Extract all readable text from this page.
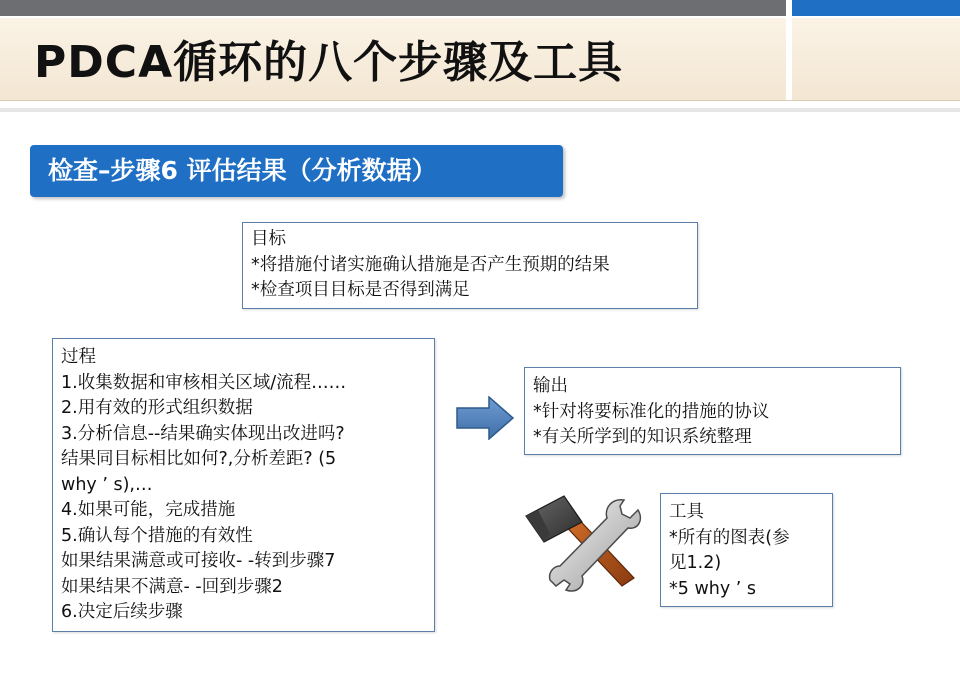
PDCA循环的八个步骤及工具
检查–步骤6 评估结果（分析数据）
目标
*将措施付诸实施确认措施是否产生预期的结果
*检查项目目标是否得到满足
过程
1.收集数据和审核相关区域/流程……
2.用有效的形式组织数据
3.分析信息--结果确实体现出改进吗?
结果同目标相比如何?,分析差距? (5
why ’ s),…
4.如果可能，完成措施
5.确认每个措施的有效性
如果结果满意或可接收- -转到步骤7
如果结果不满意- -回到步骤2
6.决定后续步骤
输出
*针对将要标准化的措施的协议
*有关所学到的知识系统整理
工具
*所有的图表(参
见1.2)
*5 why ’ s
